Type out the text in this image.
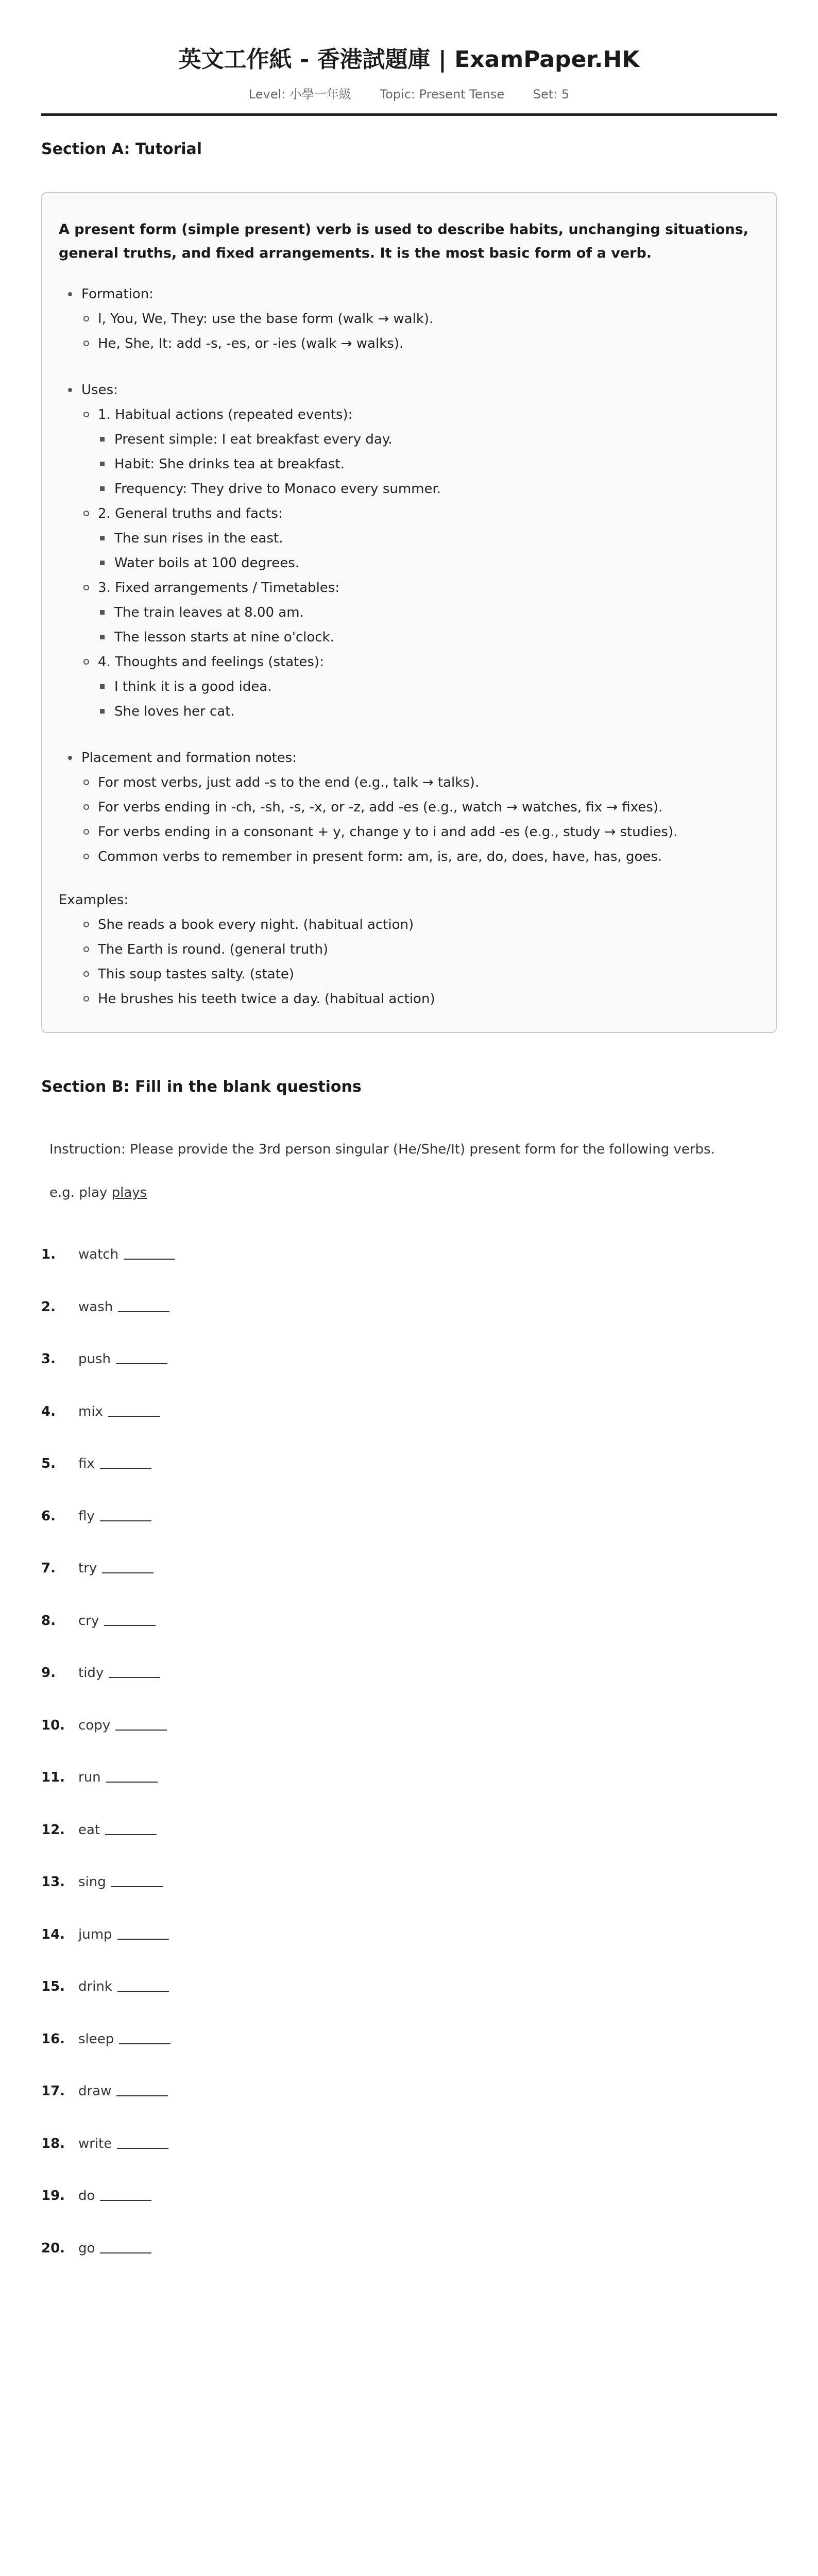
英文工作紙 - 香港試題庫 | ExamPaper.HK
Level: 小學一年級 Topic: Present Tense Set: 5
Section A: Tutorial

A present form (simple present) verb is used to describe habits, unchanging situations, general truths, and fixed arrangements. It is the most basic form of a verb.

Formation:
I, You, We, They: use the base form (walk → walk).
He, She, It: add -s, -es, or -ies (walk → walks).
Uses:
1. Habitual actions (repeated events):
Present simple: I eat breakfast every day.
Habit: She drinks tea at breakfast.
Frequency: They drive to Monaco every summer.
2. General truths and facts:
The sun rises in the east.
Water boils at 100 degrees.
3. Fixed arrangements / Timetables:
The train leaves at 8.00 am.
The lesson starts at nine o'clock.
4. Thoughts and feelings (states):
I think it is a good idea.
She loves her cat.
Placement and formation notes:
For most verbs, just add -s to the end (e.g., talk → talks).
For verbs ending in -ch, -sh, -s, -x, or -z, add -es (e.g., watch → watches, fix → fixes).
For verbs ending in a consonant + y, change y to i and add -es (e.g., study → studies).
Common verbs to remember in present form: am, is, are, do, does, have, has, goes.
Examples:
She reads a book every night. (habitual action)
The Earth is round. (general truth)
This soup tastes salty. (state)
He brushes his teeth twice a day. (habitual action)
Section B: Fill in the blank questions
Instruction: Please provide the 3rd person singular (He/She/It) present form for the following verbs.
e.g. play plays
1.	watch
2.	wash
3.	push
4.	mix
5.	fix
6.	fly
7.	try
8.	cry
9.	tidy
10. copy
11. run
12. eat
13. sing
14. jump
15. drink
16. sleep
17. draw
18. write
19. do
20. go
